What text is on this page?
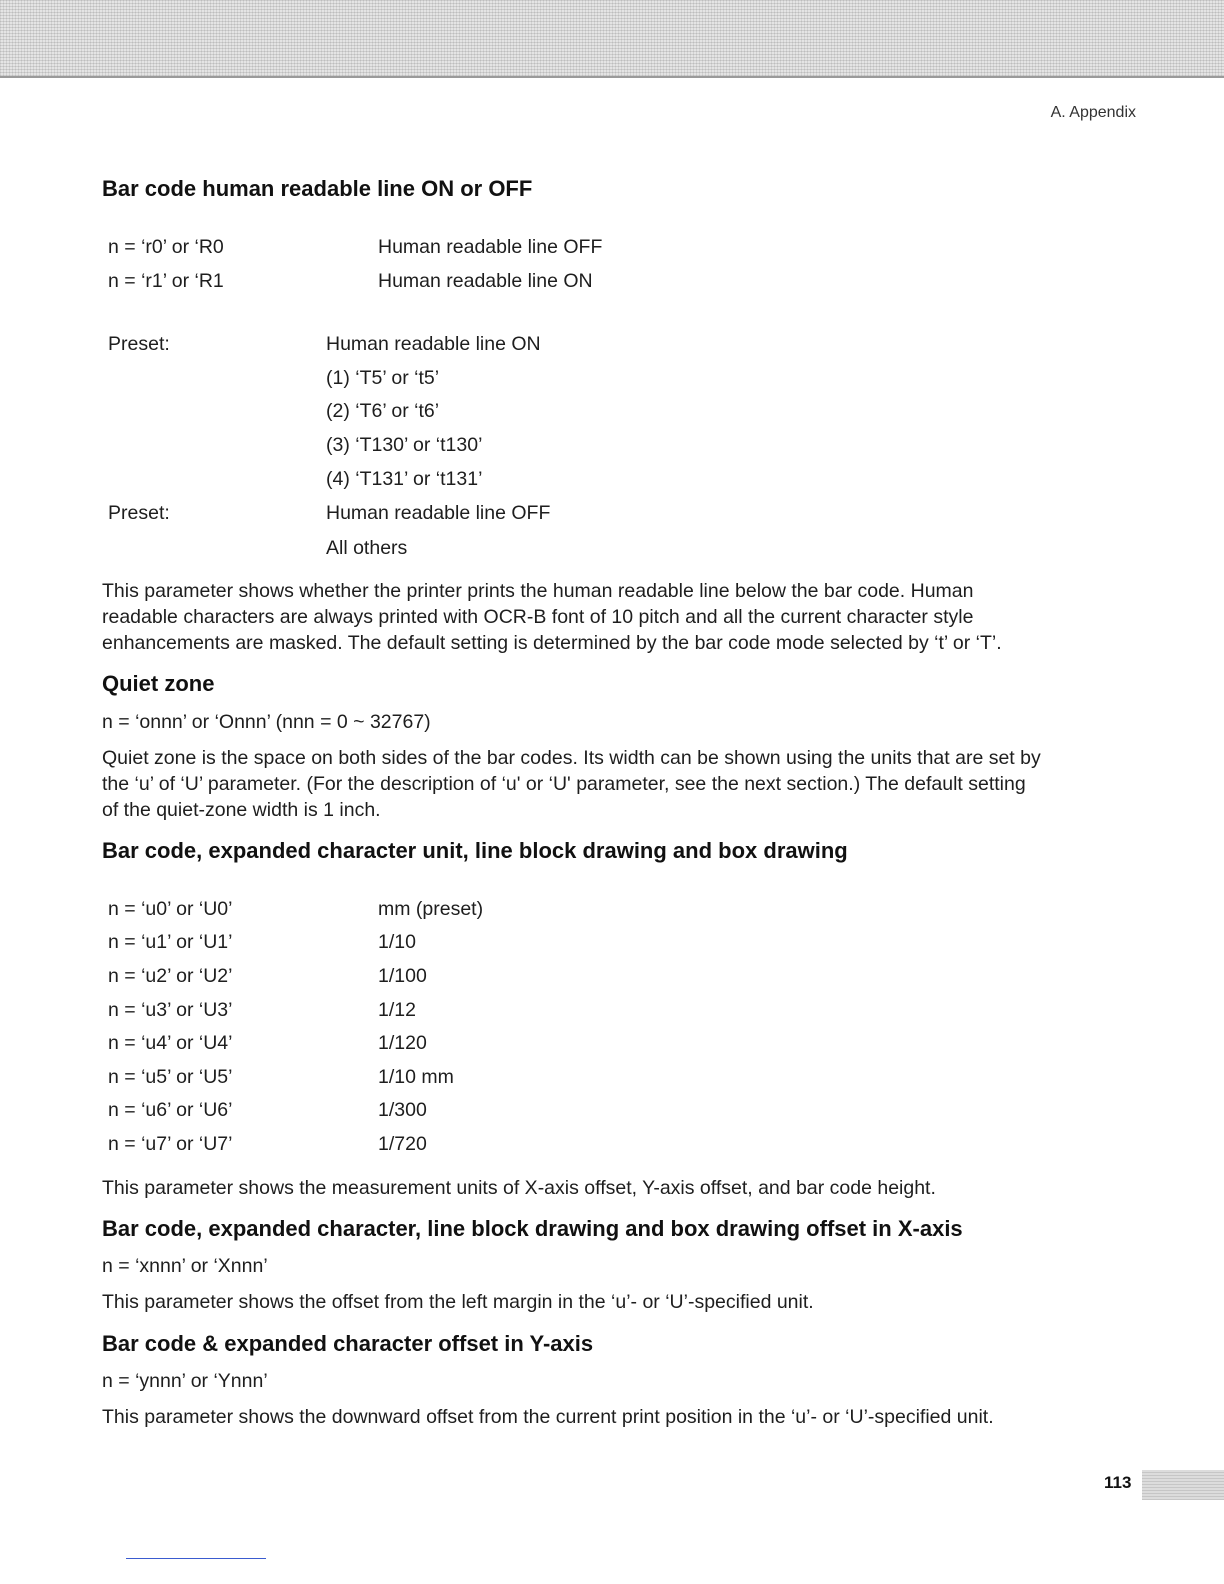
A. Appendix
Bar code human readable line ON or OFF
n = ‘r0’ or ‘R0	Human readable line OFF
n = ‘r1’ or ‘R1	Human readable line ON
Preset:	Human readable line ON
(1) ‘T5’ or ‘t5’
(2) ‘T6’ or ‘t6’
(3) ‘T130’ or ‘t130’
(4) ‘T131’ or ‘t131’
Preset:	Human readable line OFF
All others
This parameter shows whether the printer prints the human readable line below the bar code. Human
readable characters are always printed with OCR-B font of 10 pitch and all the current character style
enhancements are masked. The default setting is determined by the bar code mode selected by ‘t’ or ‘T’.
Quiet zone
n = ‘onnn’ or ‘Onnn’ (nnn = 0 ~ 32767)
Quiet zone is the space on both sides of the bar codes. Its width can be shown using the units that are set by
the ‘u’ of ‘U’ parameter. (For the description of ‘u' or ‘U' parameter, see the next section.) The default setting
of the quiet-zone width is 1 inch.
Bar code, expanded character unit, line block drawing and box drawing
n = ‘u0’ or ‘U0’	mm (preset)
n = ‘u1’ or ‘U1’	1/10
n = ‘u2’ or ‘U2’	1/100
n = ‘u3’ or ‘U3’	1/12
n = ‘u4’ or ‘U4’	1/120
n = ‘u5’ or ‘U5’	1/10 mm
n = ‘u6’ or ‘U6’	1/300
n = ‘u7’ or ‘U7’	1/720
This parameter shows the measurement units of X-axis offset, Y-axis offset, and bar code height.
Bar code, expanded character, line block drawing and box drawing offset in X-axis
n = ‘xnnn’ or ‘Xnnn’
This parameter shows the offset from the left margin in the ‘u’- or ‘U’-specified unit.
Bar code & expanded character offset in Y-axis
n = ‘ynnn’ or ‘Ynnn’
This parameter shows the downward offset from the current print position in the ‘u’- or ‘U’-specified unit.
113
